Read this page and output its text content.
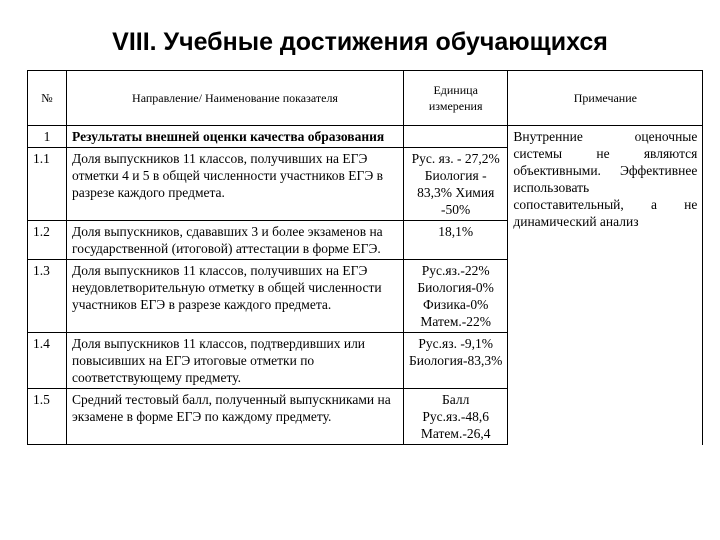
VIII. Учебные достижения обучающихся
№	Направление/ Наименование показателя	Единица измерения	Примечание
1	Результаты внешней оценки качества образования		Внутренние оценочные системы не являются объективными. Эффективнее использовать сопоставительный, а не динамический анализ
1.1	Доля выпускников 11 классов, получивших на ЕГЭ отметки 4 и 5 в общей численности участников ЕГЭ в разрезе каждого предмета.	Рус. яз. - 27,2% Биология - 83,3% Химия -50%	
1.2	Доля выпускников, сдававших 3 и более экзаменов на государственной (итоговой) аттестации в форме ЕГЭ.	18,1%	
1.3	Доля выпускников 11 классов, получивших на ЕГЭ неудовлетворительную отметку в общей численности участников ЕГЭ в разрезе каждого предмета.	Рус.яз.-22% Биология-0% Физика-0% Матем.-22%	
1.4	Доля выпускников 11 классов, подтвердивших или повысивших на ЕГЭ итоговые отметки по соответствующему предмету.	Рус.яз. -9,1% Биология-83,3%	
1.5	Средний тестовый балл, полученный выпускниками на экзамене в форме ЕГЭ по каждому предмету.	Балл Рус.яз.-48,6 Матем.-26,4	
